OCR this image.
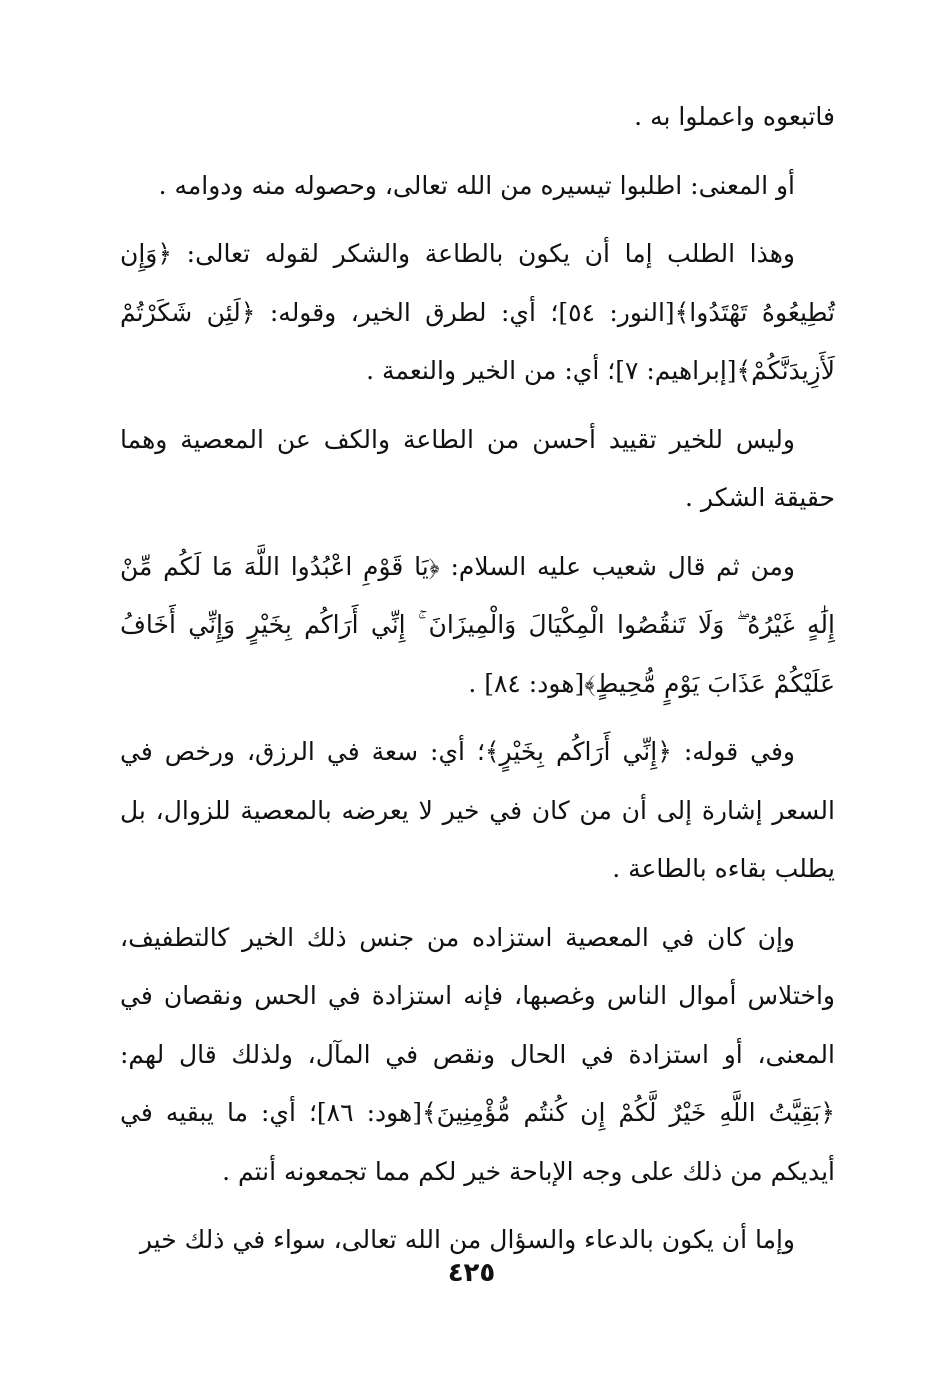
فاتبعوه واعملوا به .

أو المعنى: اطلبوا تيسيره من الله تعالى، وحصوله منه ودوامه .

وهذا الطلب إما أن يكون بالطاعة والشكر لقوله تعالى: ﴿وَإِن تُطِيعُوهُ تَهْتَدُوا﴾[النور: ٥٤]؛ أي: لطرق الخير، وقوله: ﴿لَئِن شَكَرْتُمْ لَأَزِيدَنَّكُمْ﴾[إبراهيم: ٧]؛ أي: من الخير والنعمة .

وليس للخير تقييد أحسن من الطاعة والكف عن المعصية وهما حقيقة الشكر .

ومن ثم قال شعيب عليه السلام: ﴿يَا قَوْمِ اعْبُدُوا اللَّهَ مَا لَكُم مِّنْ إِلَٰهٍ غَيْرُهُ ۖ وَلَا تَنقُصُوا الْمِكْيَالَ وَالْمِيزَانَ ۚ إِنِّي أَرَاكُم بِخَيْرٍ وَإِنِّي أَخَافُ عَلَيْكُمْ عَذَابَ يَوْمٍ مُّحِيطٍ﴾[هود: ٨٤] .

وفي قوله: ﴿إِنِّي أَرَاكُم بِخَيْرٍ﴾؛ أي: سعة في الرزق، ورخص في السعر إشارة إلى أن من كان في خير لا يعرضه بالمعصية للزوال، بل يطلب بقاءه بالطاعة .

وإن كان في المعصية استزاده من جنس ذلك الخير كالتطفيف، واختلاس أموال الناس وغصبها، فإنه استزادة في الحس ونقصان في المعنى، أو استزادة في الحال ونقص في المآل، ولذلك قال لهم: ﴿بَقِيَّتُ اللَّهِ خَيْرٌ لَّكُمْ إِن كُنتُم مُّؤْمِنِينَ﴾[هود: ٨٦]؛ أي: ما يبقيه في أيديكم من ذلك على وجه الإباحة خير لكم مما تجمعونه أنتم .

وإما أن يكون بالدعاء والسؤال من الله تعالى، سواء في ذلك خير

٤٢٥
